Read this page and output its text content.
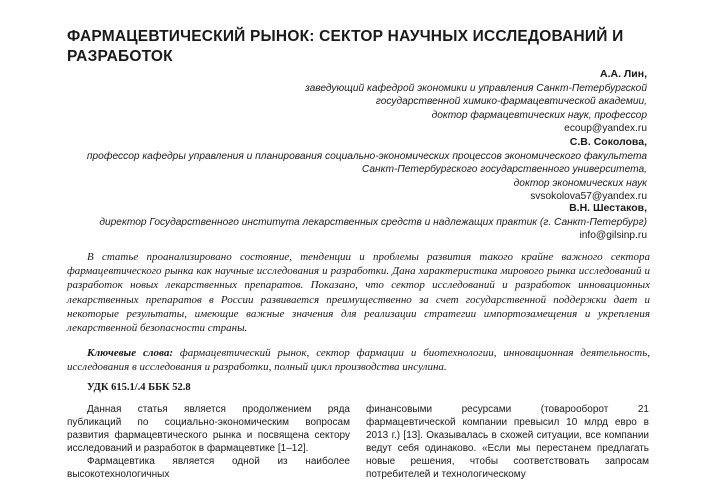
ФАРМАЦЕВТИЧЕСКИЙ РЫНОК: СЕКТОР НАУЧНЫХ ИССЛЕДОВАНИЙ И РАЗРАБОТОК
А.А. Лин,
заведующий кафедрой экономики и управления Санкт-Петербургской
государственной химико-фармацевтической академии,
доктор фармацевтических наук, профессор
ecoup@yandex.ru
С.В. Соколова,
профессор кафедры управления и планирования социально-экономических процессов экономического факультета
Санкт-Петербургского государственного университета,
доктор экономических наук
svsokolova57@yandex.ru
В.Н. Шестаков,
директор Государственного института лекарственных средств и надлежащих практик (г. Санкт-Петербург)
info@gilsinp.ru

В статье проанализировано состояние, тенденции и проблемы развития такого крайне важного сектора фармацевтического рынка как научные исследования и разработки. Дана характеристика мирового рынка исследований и разработок новых лекарственных препаратов. Показано, что сектор исследований и разработок инновационных лекарственных препаратов в России развивается преимущественно за счет государственной поддержки дает и некоторые результаты, имеющие важные значения для реализации стратегии импортозамещения и укрепления лекарственной безопасности страны.

Ключевые слова: фармацевтический рынок, сектор фармации и биотехнологии, инновационная деятельность, исследования в исследования и разработки, полный цикл производства инсулина.

УДК 615.1/.4 ББК 52.8

Данная статья является продолжением ряда публикаций по социально-экономическим вопросам развития фармацевтического рынка и посвящена сектору исследований и разработок в фармацевтике [1–12].

Фармацевтика является одной из наиболее высокотехнологичных

финансовыми ресурсами (товарооборот 21 фармацевтической компании превысил 10 млрд евро в 2013 г.) [13]. Оказывалась в схожей ситуации, все компании ведут себя одинаково. «Если мы перестанем предлагать новые решения, чтобы соответствовать запросам потребителей и технологическому
